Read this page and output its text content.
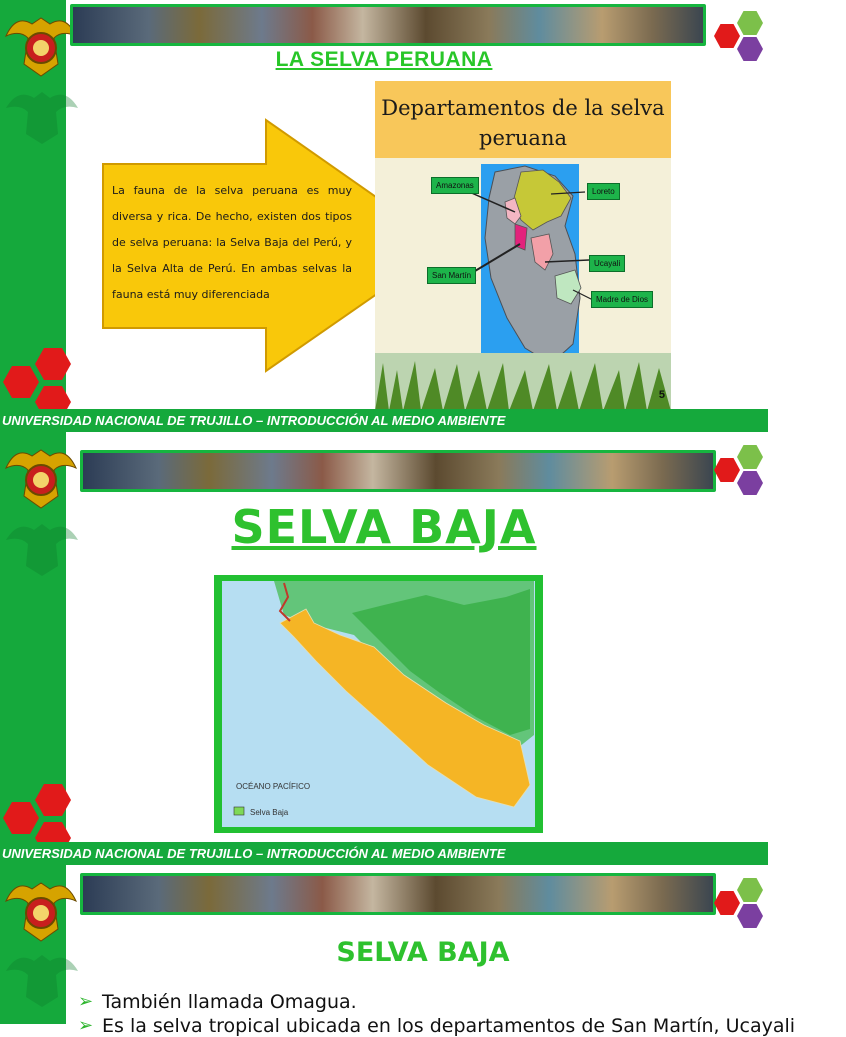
LA SELVA PERUANA
La fauna de la selva peruana es muy diversa y rica. De hecho, existen dos tipos de selva peruana: la Selva Baja del Perú, y la Selva Alta de Perú. En ambas selvas la fauna está muy diferenciada
Departamentos de la selva peruana
Amazonas
Loreto
San Martín
Ucayali
Madre de Dios
5
UNIVERSIDAD NACIONAL DE TRUJILLO – INTRODUCCIÓN AL MEDIO AMBIENTE
SELVA BAJA
OCÉANO PACÍFICO
Selva Baja
UNIVERSIDAD NACIONAL DE TRUJILLO – INTRODUCCIÓN AL MEDIO AMBIENTE
SELVA BAJA
➢ También llamada Omagua.
➢ Es la selva tropical ubicada en los departamentos de San Martín, Ucayali
